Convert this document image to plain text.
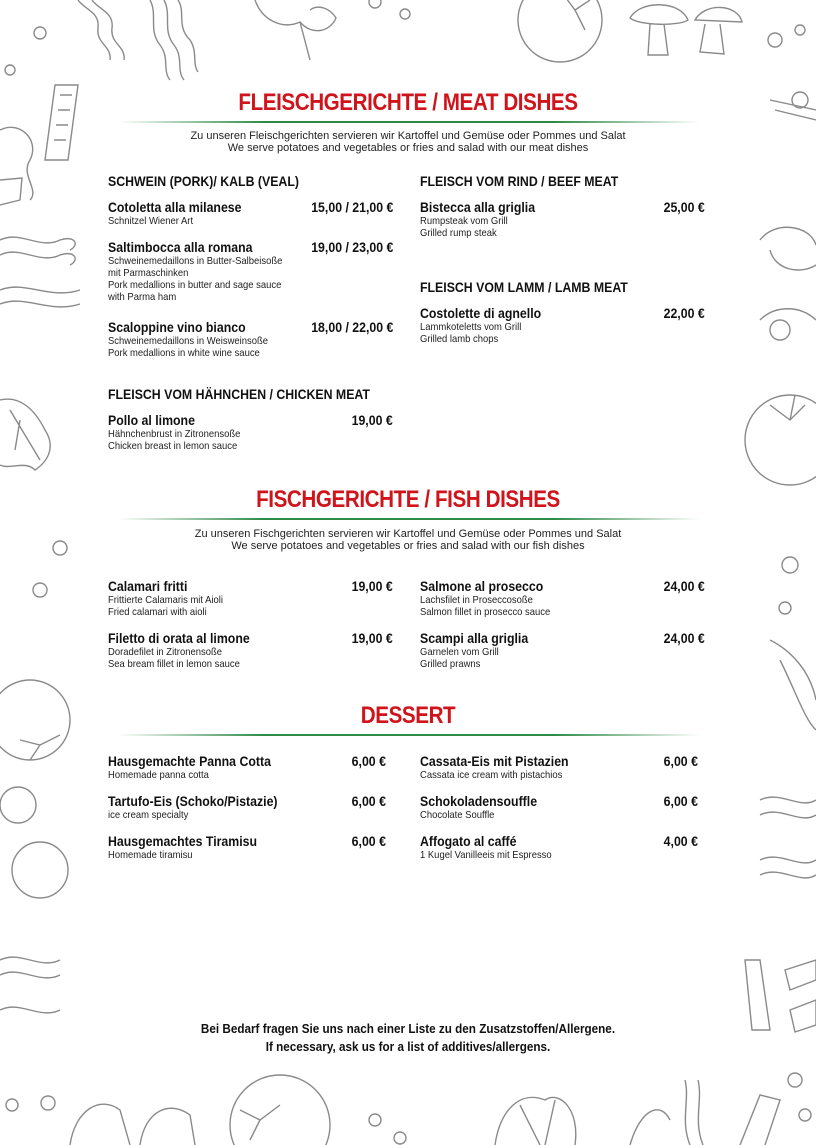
FLEISCHGERICHTE / MEAT DISHES
Zu unseren Fleischgerichten servieren wir Kartoffel und Gemüse oder Pommes und Salat
We serve potatoes and vegetables or fries and salad with our meat dishes
SCHWEIN (PORK)/ KALB (VEAL)
Cotoletta alla milanese	15,00 / 21,00 €
Schnitzel Wiener Art
Saltimbocca alla romana	19,00 / 23,00 €
Schweinemedaillons in Butter-Salbeisoße
mit Parmaschinken
Pork medallions in butter and sage sauce
with Parma ham
Scaloppine vino bianco	18,00 / 22,00 €
Schweinemedaillons in Weisweinsoße
Pork medallions in white wine sauce
FLEISCH VOM HÄHNCHEN / CHICKEN MEAT
Pollo al limone	19,00 €
Hähnchenbrust in Zitronensoße
Chicken breast in lemon sauce
FLEISCH VOM RIND / BEEF MEAT
Bistecca alla griglia	25,00 €
Rumpsteak vom Grill
Grilled rump steak
FLEISCH VOM LAMM / LAMB MEAT
Costolette di agnello	22,00 €
Lammkoteletts vom Grill
Grilled lamb chops
FISCHGERICHTE / FISH DISHES
Zu unseren Fischgerichten servieren wir Kartoffel und Gemüse oder Pommes und Salat
We serve potatoes and vegetables or fries and salad with our fish dishes
Calamari fritti	19,00 €
Frittierte Calamaris mit Aioli
Fried calamari with aioli
Filetto di orata al limone	19,00 €
Doradefilet in Zitronensoße
Sea bream fillet in lemon sauce
Salmone al prosecco	24,00 €
Lachsfilet in Proseccosoße
Salmon fillet in prosecco sauce
Scampi alla griglia	24,00 €
Garnelen vom Grill
Grilled prawns
DESSERT
Hausgemachte Panna Cotta	6,00 €
Homemade panna cotta
Tartufo-Eis (Schoko/Pistazie)	6,00 €
ice cream specialty
Hausgemachtes Tiramisu	6,00 €
Homemade tiramisu
Cassata-Eis mit Pistazien	6,00 €
Cassata ice cream with pistachios
Schokoladensouffle	6,00 €
Chocolate Souffle
Affogato al caffé	4,00 €
1 Kugel Vanilleeis mit Espresso
Bei Bedarf fragen Sie uns nach einer Liste zu den Zusatzstoffen/Allergene.
If necessary, ask us for a list of additives/allergens.
